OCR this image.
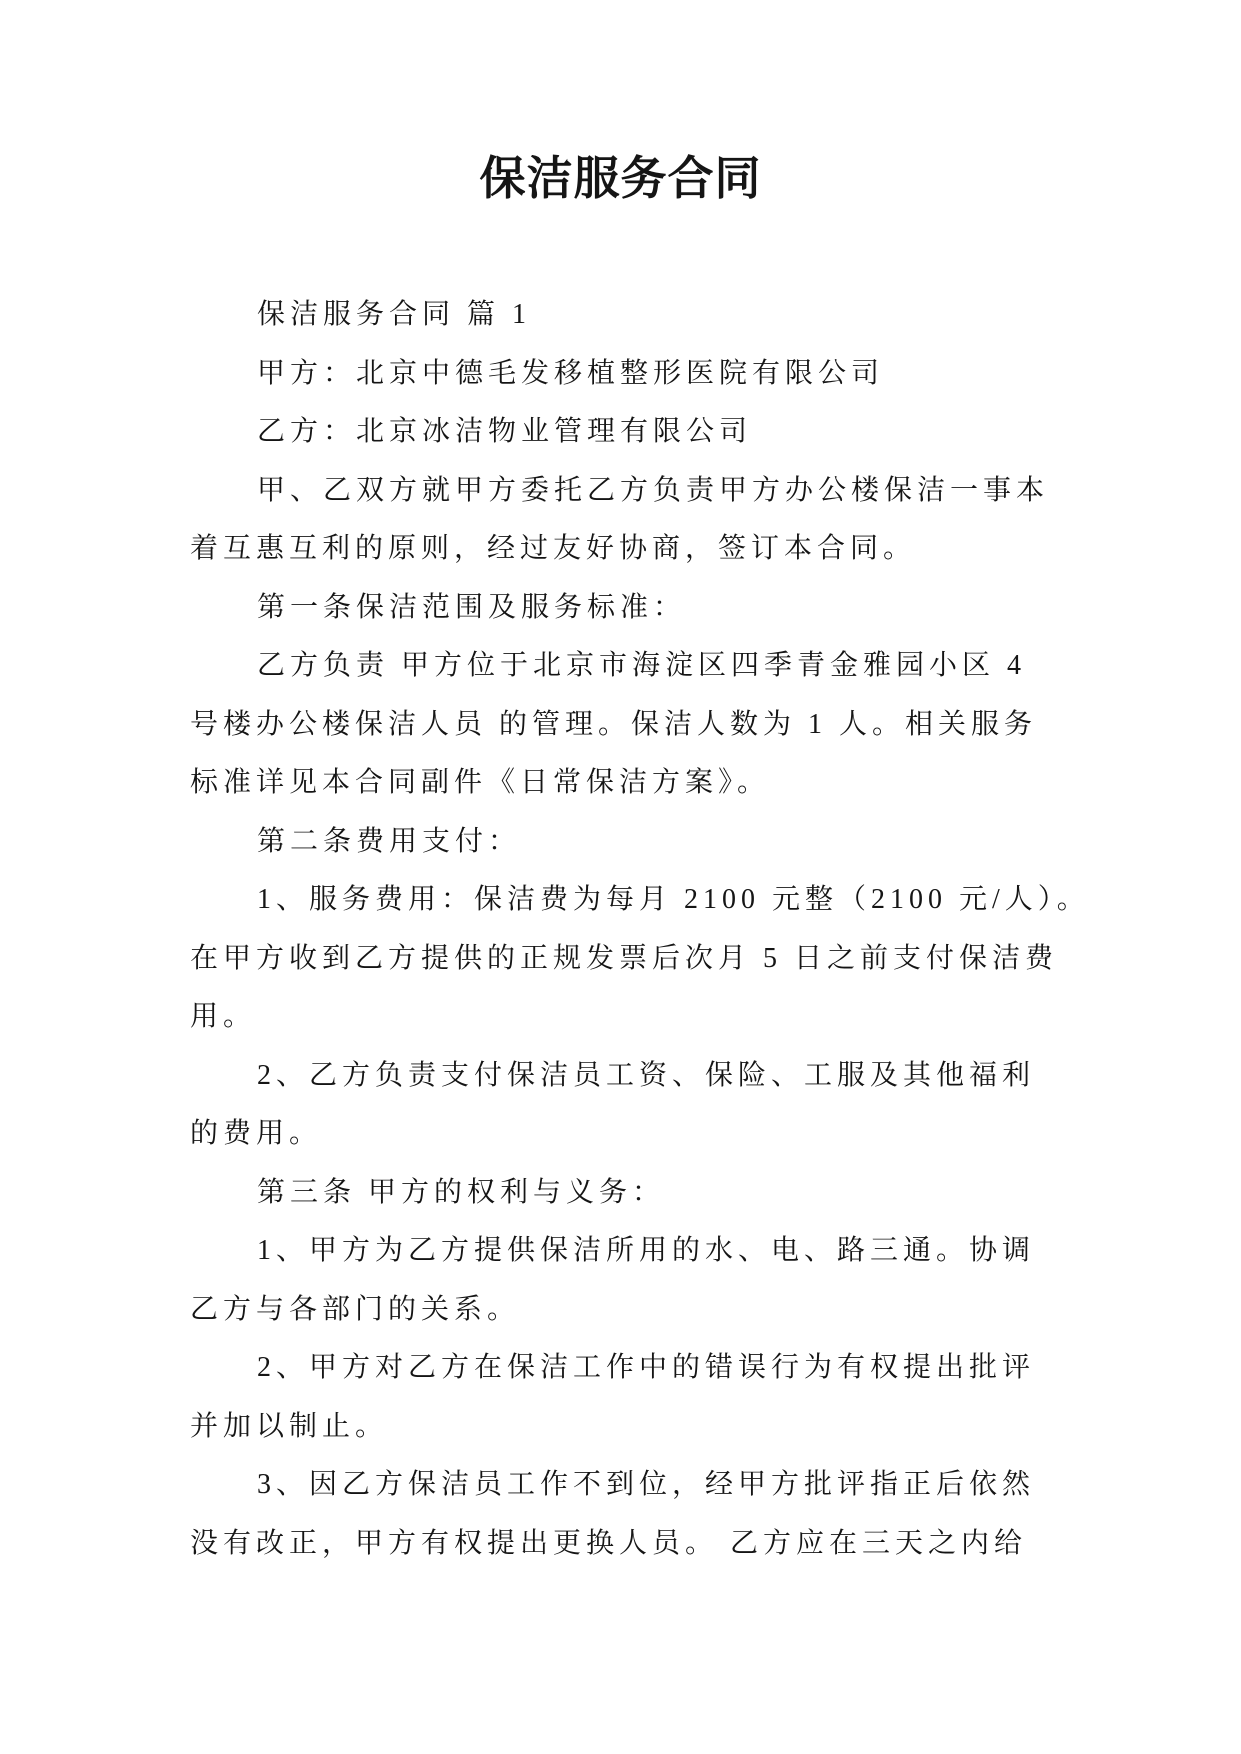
保洁服务合同
保洁服务合同 篇 1
甲方：北京中德毛发移植整形医院有限公司
乙方：北京冰洁物业管理有限公司
甲、乙双方就甲方委托乙方负责甲方办公楼保洁一事本
着互惠互利的原则，经过友好协商，签订本合同。
第一条保洁范围及服务标准：
乙方负责 甲方位于北京市海淀区四季青金雅园小区 4
号楼办公楼保洁人员 的管理。保洁人数为 1 人。相关服务
标准详见本合同副件《日常保洁方案》。
第二条费用支付：
1、服务费用：保洁费为每月 2100 元整（2100 元/人）。
在甲方收到乙方提供的正规发票后次月 5 日之前支付保洁费
用。
2、乙方负责支付保洁员工资、保险、工服及其他福利
的费用。
第三条 甲方的权利与义务：
1、甲方为乙方提供保洁所用的水、电、路三通。协调
乙方与各部门的关系。
2、甲方对乙方在保洁工作中的错误行为有权提出批评
并加以制止。
3、因乙方保洁员工作不到位，经甲方批评指正后依然
没有改正，甲方有权提出更换人员。 乙方应在三天之内给
